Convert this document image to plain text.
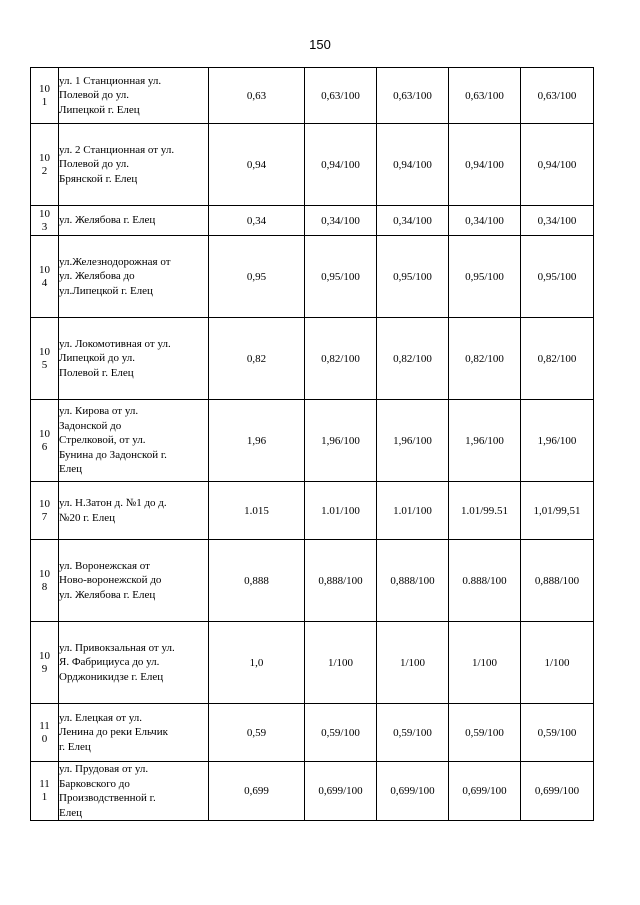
150
10
1	ул. 1 Станционная ул.
Полевой до ул.
Липецкой г. Елец	0,63	0,63/100	0,63/100	0,63/100	0,63/100

10
2	ул. 2 Станционная от ул.
Полевой до ул.
Брянской г. Елец	0,94	0,94/100	0,94/100	0,94/100	0,94/100

10
3	ул. Желябова г. Елец	0,34	0,34/100	0,34/100	0,34/100	0,34/100

10
4	ул.Железнодорожная от
ул. Желябова до
ул.Липецкой г. Елец	0,95	0,95/100	0,95/100	0,95/100	0,95/100

10
5	ул. Локомотивная от ул.
Липецкой до ул.
Полевой г. Елец	0,82	0,82/100	0,82/100	0,82/100	0,82/100

10
6	ул. Кирова от ул.
Задонской до
Стрелковой, от ул.
Бунина до Задонской г.
Елец	1,96	1,96/100	1,96/100	1,96/100	1,96/100

10
7	ул. Н.Затон д. №1 до д.
№20 г. Елец	1.015	1.01/100	1.01/100	1.01/99.51	1,01/99,51

10
8	ул. Воронежская от
Ново-воронежской до
ул. Желябова г. Елец	0,888	0,888/100	0,888/100	0.888/100	0,888/100

10
9	ул. Привокзальная от ул.
Я. Фабрициуса до ул.
Орджоникидзе г. Елец	1,0	1/100	1/100	1/100	1/100

11
0	ул. Елецкая от ул.
Ленина до реки Ельчик
г. Елец	0,59	0,59/100	0,59/100	0,59/100	0,59/100

11
1	ул. Прудовая от ул.
Барковского до
Производственной г.
Елец	0,699	0,699/100	0,699/100	0,699/100	0,699/100
